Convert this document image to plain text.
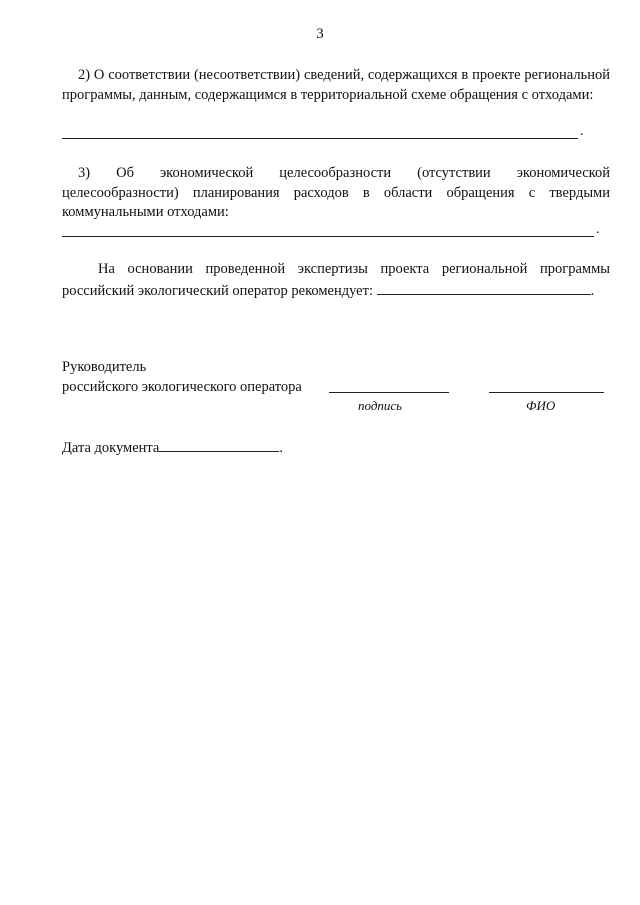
3

2) О соответствии (несоответствии) сведений, содержащихся в проекте региональной программы, данным, содержащимся в территориальной схеме обращения с отходами:

.

3) Об экономической целесообразности (отсутствии экономической целесообразности) планирования расходов в области обращения с твердыми коммунальными отходами:

.
На основании проведенной экспертизы проекта региональной программы
российский экологический оператор рекомендует:	.
Руководитель
российского экологического оператора
подпись	ФИО
Дата документа	.
